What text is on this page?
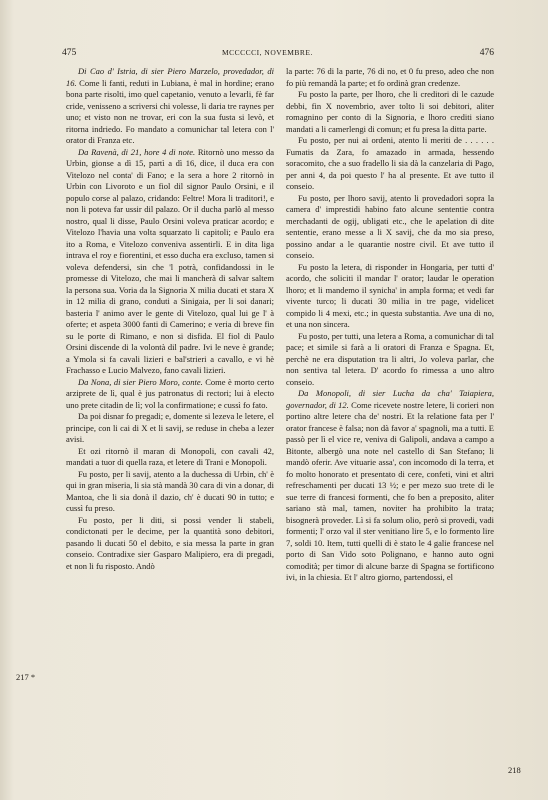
475	MCCCCCI, NOVEMBRE.	476

Di Cao d' Istria, di sier Piero Marzelo, provedador, di 16. Come li fanti, reduti in Lubiana, è mal in hordine; erano bona parte risolti, imo quel capetanio, venuto a levarli, fè far cride, venisseno a scriversi chi volesse, li daria tre raynes per uno; et visto non ne trovar, eri con la sua fusta si levò, et ritorna indriedo. Fo mandato a comunichar tal letera con l' orator di Franza etc.

Da Ravenà, di 21, hore 4 di note. Ritornò uno messo da Urbin, gionse a dì 15, partì a dì 16, dice, il duca era con Vitelozo nel conta' di Fano; e la sera a hore 2 ritornò in Urbin con Livoroto e un fiol dil signor Paulo Orsini, e il populo corse al palazo, cridando: Feltre! Mora li traditori!, e non li poteva far ussir dil palazo. Or il ducha parlò al messo nostro, qual li disse, Paulo Orsini voleva praticar acordo; e Vitelozo l'havia una volta squarzato li capitoli; e Paulo era ito a Roma, e Vitelozo conveniva assentirli. E in dita liga intrava el roy e fiorentini, et esso ducha era excluso, tamen si voleva defendersi, sin che 'l potrà, confidandossi in le promesse di Vitelozo, che mai li mancherà di salvar saltem la persona sua. Voria da la Signoria X milia ducati et stara X in 12 milia di grano, conduti a Sinigaia, per li soi danari; basteria l' animo aver le gente di Vitelozo, qual lui ge l' à oferte; et aspeta 3000 fanti di Camerino; e veria di breve fin su le porte di Rimano, e non si disfida. El fiol di Paulo Orsini discende di la volontà dil padre. Ivi le neve è grande; a Ymola si fa cavali lizieri e bal'strieri a cavallo, e vi hè Frachasso e Lucio Malvezo, fano cavali lizieri.

Da Nona, di sier Piero Moro, conte. Come è morto certo arziprete de lì, qual è jus patronatus di rectori; lui à electo uno prete citadin de lì; vol la confirmatione; e cussì fo fato.

Da poi disnar fo pregadi; e, domente si lezeva le letere, el principe, con li cai di X et li savij, se reduse in cheba a lezer avisi.

Et ozi ritornò il maran di Monopoli, con cavali 42, mandati a tuor di quella raza, et letere di Trani e Monopoli.

Fu posto, per li savij, atento a la duchessa di Urbin, ch' è qui in gran miseria, li sia stà mandà 30 cara di vin a donar, di Mantoa, che li sia donà il dazio, ch' è ducati 90 in tutto; e cussì fu preso.

Fu posto, per li diti, si possi vender li stabeli, condictonati per le decime, per la quantità sono debitori, pasando li ducati 50 el debito, e sia messa la parte in gran conseio. Contradixe sier Gasparo Malipiero, era di pregadi, et non li fu risposto. Andò

la parte: 76 di la parte, 76 di no, et 0 fu preso, adeo che non fo più remandà la parte; et fo ordinà gran credenze.

Fu posto la parte, per lhoro, che li creditori di le cazude debbi, fin X novembrio, aver tolto li soi debitori, aliter romagnino per conto di la Signoria, e lhoro crediti siano mandati a li camerlengi di comun; et fu presa la ditta parte.

Fu posto, per nui ai ordeni, atento li meriti de . . . . . . Fumatis da Zara, fo amazado in armada, hessendo soracomito, che a suo fradello li sia dà la canzelaria di Pago, per anni 4, da poi questo l' ha al presente. Et ave tutto il conseio.

Fu posto, per lhoro savij, atento li provedadori sopra la camera d' imprestidi habino fato alcune sententie contra merchadanti de ogij, ubligati etc., che le apelation di dite sententie, erano messe a li X savij, che da mo sia preso, possino andar a le quarantie nostre civil. Et ave tutto il conseio.

Fu posto la letera, di risponder in Hongaria, per tutti d' acordo, che soliciti il mandar l' orator; laudar le operation lhoro; et li mandemo il synicha' in ampla forma; et vedi far vivente turco; li ducati 30 milia in tre page, videlicet compido li 4 mexi, etc.; in questa substantia. Ave una di no, et una non sincera.

Fu posto, per tutti, una letera a Roma, a comunichar di tal pace; et simile si farà a li oratori di Franza e Spagna. Et, perchè ne era disputation tra li altri, Jo voleva parlar, che non sentiva tal letera. D' acordo fo rimessa a uno altro conseio.

Da Monopoli, di sier Lucha da cha' Taiapiera, governador, di 12. Come ricevete nostre letere, li corieri non portino altre letere cha de' nostri. Et la relatione fata per l' orator francese è falsa; non dà favor a' spagnoli, ma a tutti. E passò per lì el vice re, veniva di Galipoli, andava a campo a Bitonte, albergò una note nel castello di San Stefano; li mandò oferir. Ave vituarie assa', con incomodo di la terra, et fo molto honorato et presentato di cere, confeti, vini et altri refreschamenti per ducati 13 ½; e per mezo suo trete di le sue terre di francesi formenti, che fo ben a preposito, aliter sariano stà mal, tamen, noviter ha prohibito la trata; bisognerà proveder. Lì si fa solum olio, però si provedi, vadi formenti; l' orzo val il ster venitiano lire 5, e lo formento lire 7, soldi 10. Item, tutti quelli di è stato le 4 galie francese nel porto di San Vido soto Polignano, e hanno auto ogni comodità; per timor di alcune barze di Spagna se fortificono ivi, in la chiesia. Et l' altro giorno, partendossi, el

217 *
218
